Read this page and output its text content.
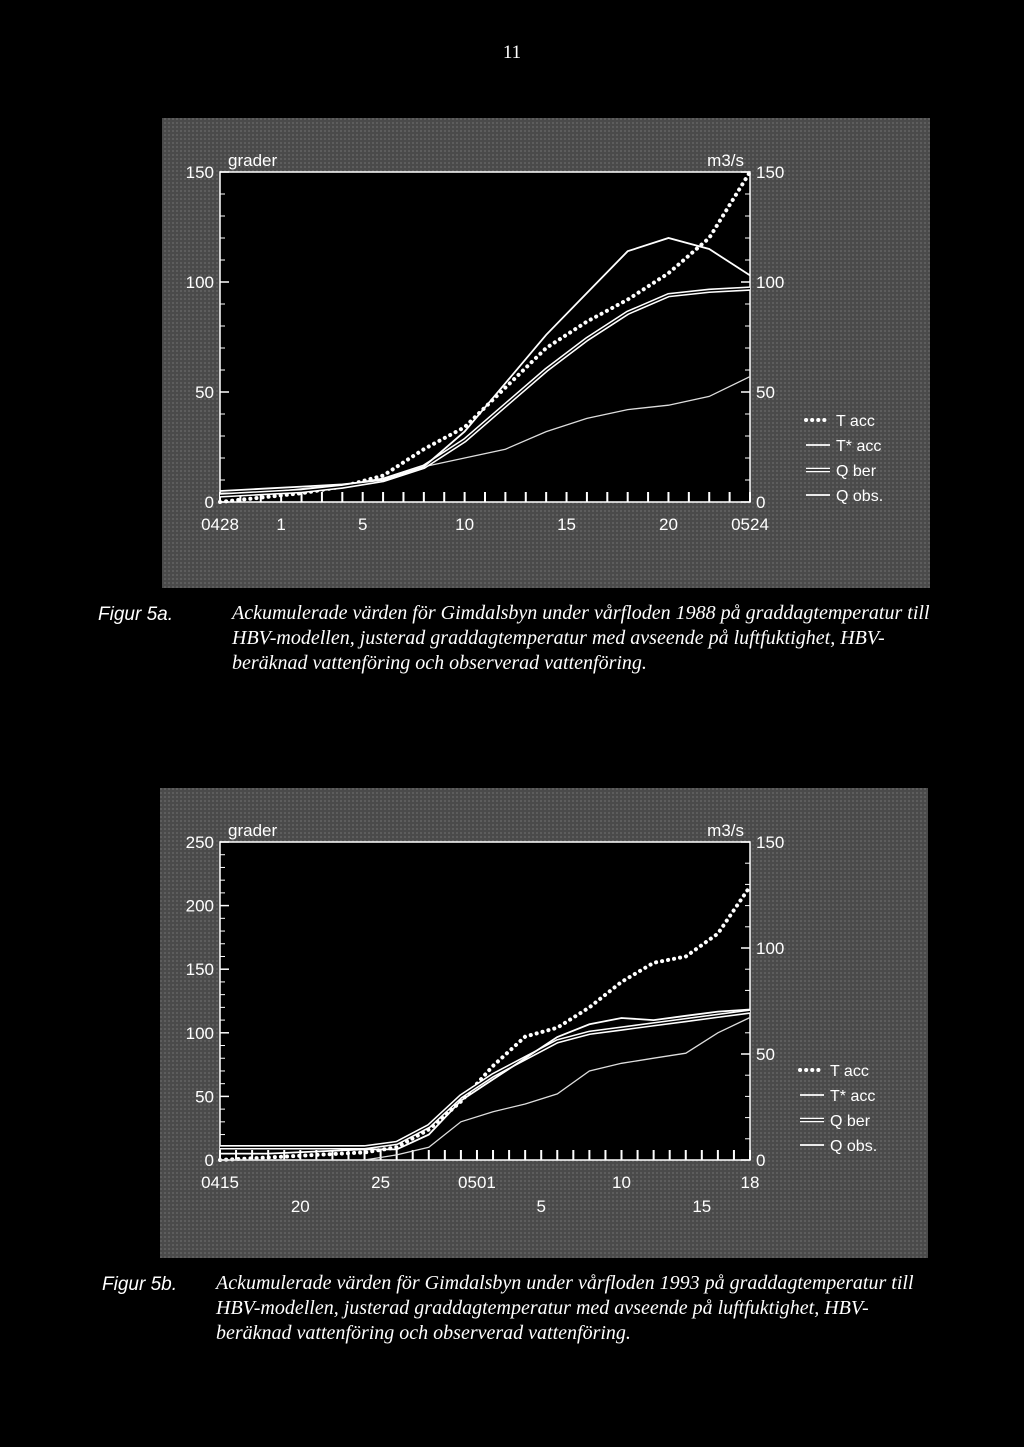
11
grader	m3/s
0
50
100
150
0
50
100
150
0428 1	5	10	15	20	0524
T acc
T* acc
Q ber
Q obs.
Figur 5a.	Ackumulerade värden för Gimdalsbyn under vårfloden 1988 på graddagtemperatur till HBV-modellen, justerad graddagtemperatur med avseende på luftfuktighet, HBV-beräknad vattenföring och observerad vattenföring.
grader	m3/s
0
50
100
150
200
250
0
50
100
150
0415
20
25	0501
5
10
15
18
T acc
T* acc
Q ber
Q obs.
Figur 5b. Ackumulerade värden för Gimdalsbyn under vårfloden 1993 på graddagtemperatur till HBV-modellen, justerad graddagtemperatur med avseende på luftfuktighet, HBV-beräknad vattenföring och observerad vattenföring.
